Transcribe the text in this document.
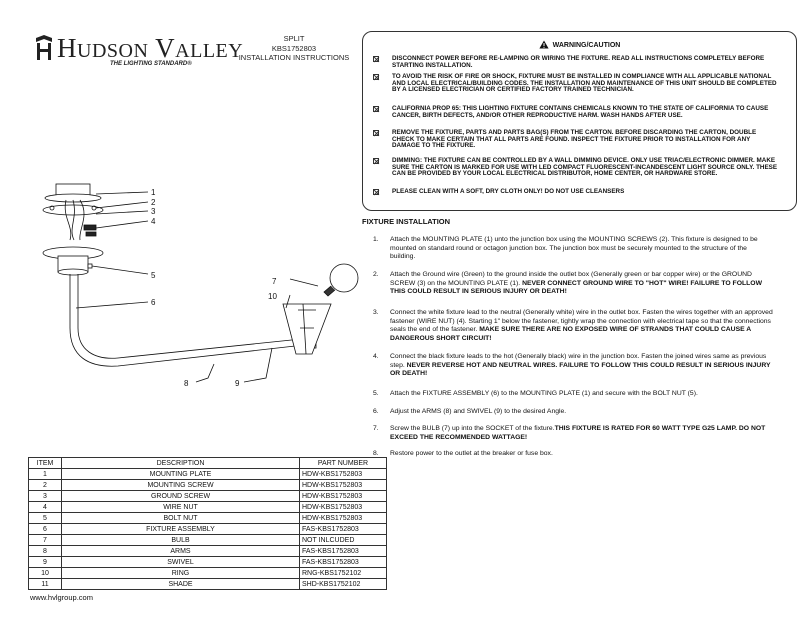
HUDSON VALLEY
THE LIGHTING STANDARD®
SPLIT
KBS1752803
INSTALLATION INSTRUCTIONS
WARNING/CAUTION
DISCONNECT POWER BEFORE RE-LAMPING OR WIRING THE FIXTURE. READ ALL INSTRUCTIONS COMPLETELY BEFORE STARTING INSTALLATION.
TO AVOID THE RISK OF FIRE OR SHOCK, FIXTURE MUST BE INSTALLED IN COMPLIANCE WITH ALL APPLICABLE NATIONAL AND LOCAL ELECTRICAL/BUILDING CODES. THE INSTALLATION AND MAINTENANCE OF THIS UNIT SHOULD BE COMPLETED BY A LICENSED ELECTRICIAN OR CERTIFIED FACTORY TRAINED TECHNICIAN.
CALIFORNIA PROP 65: THIS LIGHTING FIXTURE CONTAINS CHEMICALS KNOWN TO THE STATE OF CALIFORNIA TO CAUSE CANCER, BIRTH DEFECTS, AND/OR OTHER REPRODUCTIVE HARM. WASH HANDS AFTER USE.
REMOVE THE FIXTURE, PARTS AND PARTS BAG(S) FROM THE CARTON. BEFORE DISCARDING THE CARTON, DOUBLE CHECK TO MAKE CERTAIN THAT ALL PARTS ARE FOUND. INSPECT THE FIXTURE PRIOR TO INSTALLATION FOR ANY DAMAGE TO THE FIXTURE.
DIMMING: THE FIXTURE CAN BE CONTROLLED BY A WALL DIMMING DEVICE. ONLY USE TRIAC/ELECTRONIC DIMMER. MAKE SURE THE CARTON IS MARKED FOR USE WITH LED COMPACT FLUORESCENT-INCANDESCENT LIGHT SOURCE ONLY. THESE CAN BE PROVIDED BY YOUR LOCAL ELECTRICAL DISTRIBUTOR, HOME CENTER, OR HARDWARE STORE.
PLEASE CLEAN WITH A SOFT, DRY CLOTH ONLY! DO NOT USE CLEANSERS
FIXTURE INSTALLATION
1. Attach the MOUNTING PLATE (1) unto the junction box using the MOUNTING SCREWS (2). This fixture is designed to be mounted on standard round or octagon junction box. The junction box must be securely mounted to the structure of the building.
2. Attach the Ground wire (Green) to the ground inside the outlet box (Generally green or bar copper wire) or the GROUND SCREW (3) on the MOUNTING PLATE (1). NEVER CONNECT GROUND WIRE TO "HOT" WIRE! FAILURE TO FOLLOW THIS COULD RESULT IN SERIOUS INJURY OR DEATH!
3. Connect the white fixture lead to the neutral (Generally white) wire in the outlet box. Fasten the wires together with an approved fastener (WIRE NUT) (4). Starting 1" below the fastener, tightly wrap the connection with electrical tape so that the connections seals the end of the fastener. MAKE SURE THERE ARE NO EXPOSED WIRE OF STRANDS THAT COULD CAUSE A DANGEROUS SHORT CIRCUIT!
4. Connect the black fixture leads to the hot (Generally black) wire in the junction box. Fasten the joined wires same as previous step. NEVER REVERSE HOT AND NEUTRAL WIRES. FAILURE TO FOLLOW THIS COULD RESULT IN SERIOUS INJURY OR DEATH!
5. Attach the FIXTURE ASSEMBLY (6) to the MOUNTING PLATE (1) and secure with the BOLT NUT (5).
6. Adjust the ARMS (8) and SWIVEL (9) to the desired Angle.
7. Screw the BULB (7) up into the SOCKET of the fixture.THIS FIXTURE IS RATED FOR 60 WATT TYPE G25 LAMP. DO NOT EXCEED THE RECOMMENDED WATTAGE!
8. Restore power to the outlet at the breaker or fuse box.
1
2
3
4
5
6
7
8	9
10
ITEM	DESCRIPTION	PART NUMBER
1	MOUNTING PLATE	HDW-KBS1752803
2	MOUNTING SCREW	HDW-KBS1752803
3	GROUND SCREW	HDW-KBS1752803
4	WIRE NUT	HDW-KBS1752803
5	BOLT NUT	HDW-KBS1752803
6	FIXTURE ASSEMBLY	FAS-KBS1752803
7	BULB	NOT INLCUDED
8	ARMS	FAS-KBS1752803
9	SWIVEL	FAS-KBS1752803
10	RING	RNG-KBS1752102
11	SHADE	SHD-KBS1752102
www.hvlgroup.com
